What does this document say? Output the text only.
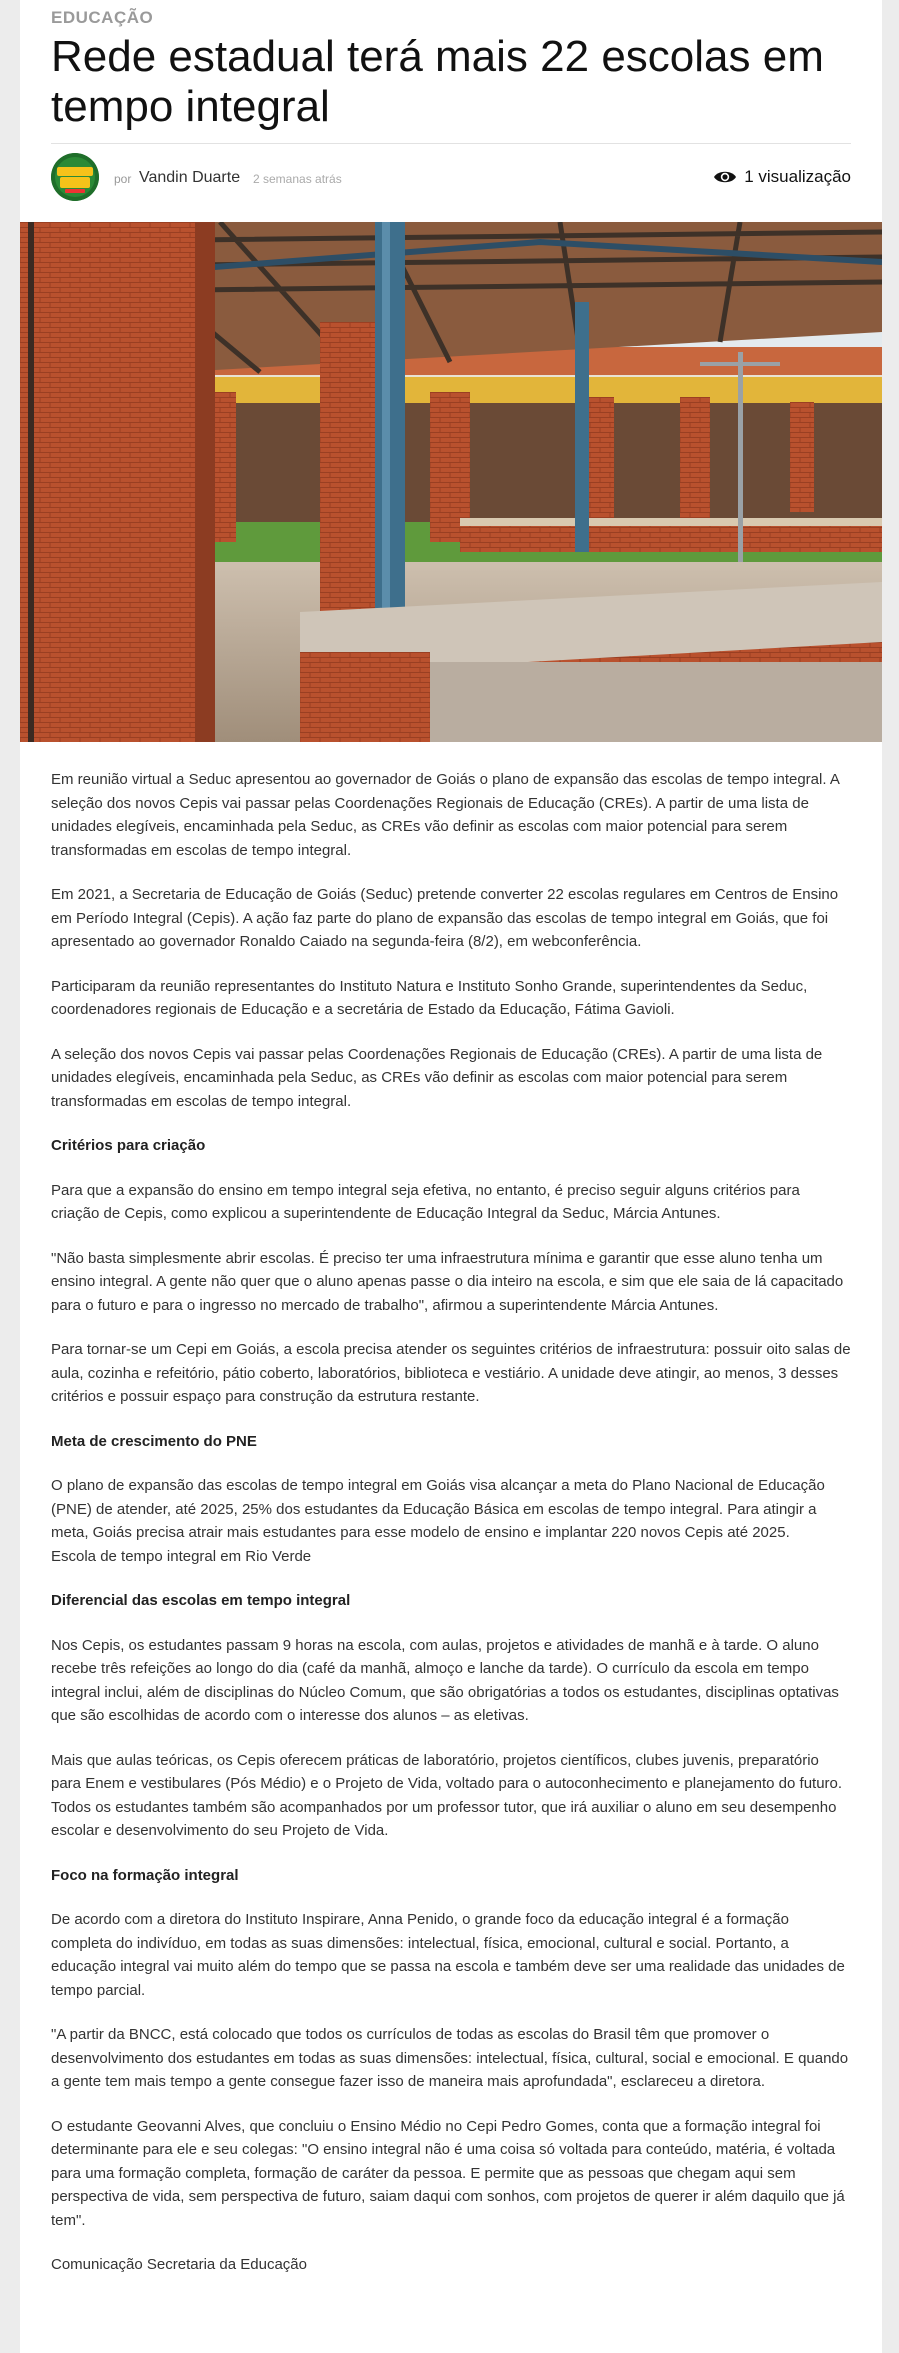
EDUCAÇÃO
Rede estadual terá mais 22 escolas em tempo integral
por Vandin Duarte 2 semanas atrás	1 visualização

Em reunião virtual a Seduc apresentou ao governador de Goiás o plano de expansão das escolas de tempo integral. A seleção dos novos Cepis vai passar pelas Coordenações Regionais de Educação (CREs). A partir de uma lista de unidades elegíveis, encaminhada pela Seduc, as CREs vão definir as escolas com maior potencial para serem transformadas em escolas de tempo integral.

Em 2021, a Secretaria de Educação de Goiás (Seduc) pretende converter 22 escolas regulares em Centros de Ensino em Período Integral (Cepis). A ação faz parte do plano de expansão das escolas de tempo integral em Goiás, que foi apresentado ao governador Ronaldo Caiado na segunda-feira (8/2), em webconferência.

Participaram da reunião representantes do Instituto Natura e Instituto Sonho Grande, superintendentes da Seduc, coordenadores regionais de Educação e a secretária de Estado da Educação, Fátima Gavioli.

A seleção dos novos Cepis vai passar pelas Coordenações Regionais de Educação (CREs). A partir de uma lista de unidades elegíveis, encaminhada pela Seduc, as CREs vão definir as escolas com maior potencial para serem transformadas em escolas de tempo integral.

Critérios para criação

Para que a expansão do ensino em tempo integral seja efetiva, no entanto, é preciso seguir alguns critérios para criação de Cepis, como explicou a superintendente de Educação Integral da Seduc, Márcia Antunes.

"Não basta simplesmente abrir escolas. É preciso ter uma infraestrutura mínima e garantir que esse aluno tenha um ensino integral. A gente não quer que o aluno apenas passe o dia inteiro na escola, e sim que ele saia de lá capacitado para o futuro e para o ingresso no mercado de trabalho", afirmou a superintendente Márcia Antunes.

Para tornar-se um Cepi em Goiás, a escola precisa atender os seguintes critérios de infraestrutura: possuir oito salas de aula, cozinha e refeitório, pátio coberto, laboratórios, biblioteca e vestiário. A unidade deve atingir, ao menos, 3 desses critérios e possuir espaço para construção da estrutura restante.

Meta de crescimento do PNE

O plano de expansão das escolas de tempo integral em Goiás visa alcançar a meta do Plano Nacional de Educação (PNE) de atender, até 2025, 25% dos estudantes da Educação Básica em escolas de tempo integral. Para atingir a meta, Goiás precisa atrair mais estudantes para esse modelo de ensino e implantar 220 novos Cepis até 2025.

Escola de tempo integral em Rio Verde

Diferencial das escolas em tempo integral

Nos Cepis, os estudantes passam 9 horas na escola, com aulas, projetos e atividades de manhã e à tarde. O aluno recebe três refeições ao longo do dia (café da manhã, almoço e lanche da tarde). O currículo da escola em tempo integral inclui, além de disciplinas do Núcleo Comum, que são obrigatórias a todos os estudantes, disciplinas optativas que são escolhidas de acordo com o interesse dos alunos – as eletivas.

Mais que aulas teóricas, os Cepis oferecem práticas de laboratório, projetos científicos, clubes juvenis, preparatório para Enem e vestibulares (Pós Médio) e o Projeto de Vida, voltado para o autoconhecimento e planejamento do futuro. Todos os estudantes também são acompanhados por um professor tutor, que irá auxiliar o aluno em seu desempenho escolar e desenvolvimento do seu Projeto de Vida.

Foco na formação integral

De acordo com a diretora do Instituto Inspirare, Anna Penido, o grande foco da educação integral é a formação completa do indivíduo, em todas as suas dimensões: intelectual, física, emocional, cultural e social. Portanto, a educação integral vai muito além do tempo que se passa na escola e também deve ser uma realidade das unidades de tempo parcial.

"A partir da BNCC, está colocado que todos os currículos de todas as escolas do Brasil têm que promover o desenvolvimento dos estudantes em todas as suas dimensões: intelectual, física, cultural, social e emocional. E quando a gente tem mais tempo a gente consegue fazer isso de maneira mais aprofundada", esclareceu a diretora.

O estudante Geovanni Alves, que concluiu o Ensino Médio no Cepi Pedro Gomes, conta que a formação integral foi determinante para ele e seu colegas: "O ensino integral não é uma coisa só voltada para conteúdo, matéria, é voltada para uma formação completa, formação de caráter da pessoa. E permite que as pessoas que chegam aqui sem perspectiva de vida, sem perspectiva de futuro, saiam daqui com sonhos, com projetos de querer ir além daquilo que já tem".

Comunicação Secretaria da Educação
